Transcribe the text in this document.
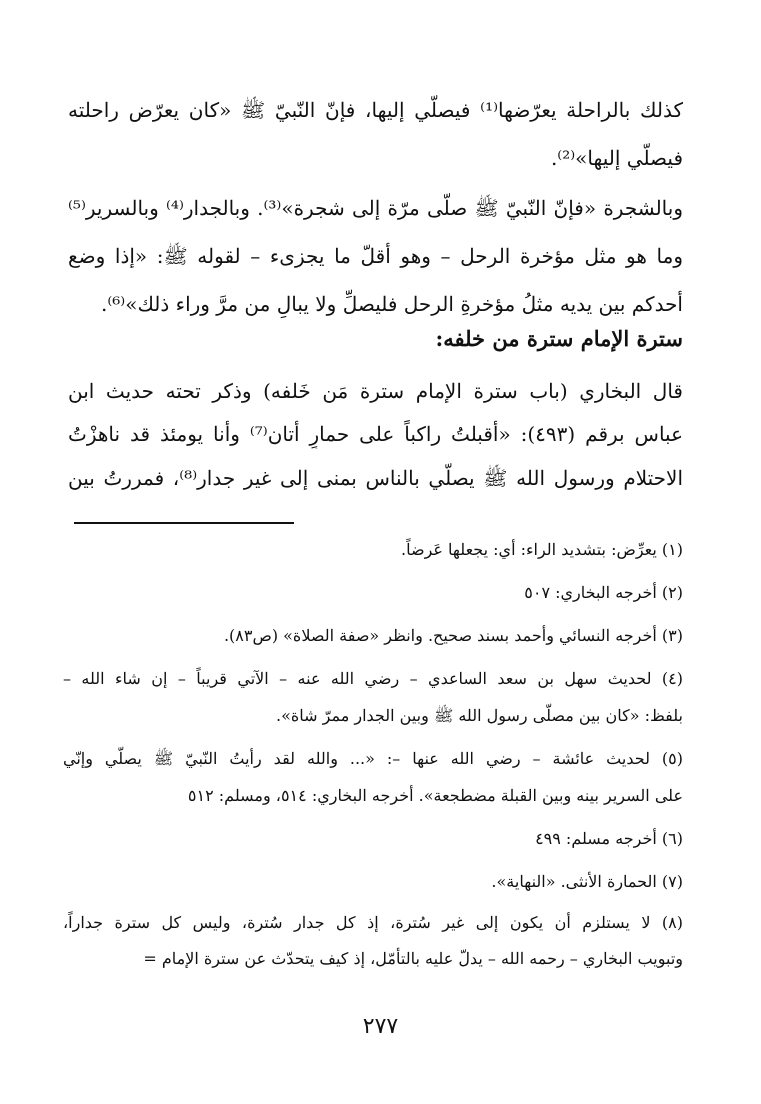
كذلك بالراحلة يعرّضها⁽¹⁾ فيصلّي إليها، فإنّ النّبيّ ﷺ «كان يعرّض راحلته
فيصلّي إليها»⁽²⁾.
وبالشجرة «فإنّ النّبيّ ﷺ صلّى مرّة إلى شجرة»⁽³⁾. وبالجدار⁽⁴⁾ وبالسرير⁽⁵⁾
وما هو مثل مؤخرة الرحل – وهو أقلّ ما يجزىء – لقوله ﷺ: «إذا وضع
أحدكم بين يديه مثلُ مؤخرةِ الرحل فليصلِّ ولا يبالِ من مرَّ وراء ذلك»⁽⁶⁾.
سترة الإمام سترة من خلفه:
قال البخاري (باب سترة الإمام سترة مَن خَلفه) وذكر تحته حديث ابن
عباس برقم (٤٩٣): «أقبلتُ راكباً على حمارٍ أتان⁽⁷⁾ وأنا يومئذ قد ناهزْتُ
الاحتلام ورسول الله ﷺ يصلّي بالناس بمنى إلى غير جدار⁽⁸⁾، فمررتُ بين
(١) يعرِّض: بتشديد الراء: أي: يجعلها عَرضاً.
(٢) أخرجه البخاري: ٥٠٧
(٣) أخرجه النسائي وأحمد بسند صحيح. وانظر «صفة الصلاة» (ص٨٣).
(٤) لحديث سهل بن سعد الساعدي – رضي الله عنه – الآتي قريباً – إن شاء الله –
بلفظ: «كان بين مصلّى رسول الله ﷺ وبين الجدار ممرّ شاة».
(٥) لحديث عائشة – رضي الله عنها –: «... والله لقد رأيتُ النّبيّ ﷺ يصلّي وإنّي
على السرير بينه وبين القبلة مضطجعة». أخرجه البخاري: ٥١٤، ومسلم: ٥١٢
(٦) أخرجه مسلم: ٤٩٩
(٧) الحمارة الأنثى. «النهاية».
(٨) لا يستلزم أن يكون إلى غير سُترة، إذ كل جدار سُترة، وليس كل سترة جداراً،
وتبويب البخاري – رحمه الله – يدلّ عليه بالتأمّل، إذ كيف يتحدّث عن سترة الإمام =
٢٧٧
